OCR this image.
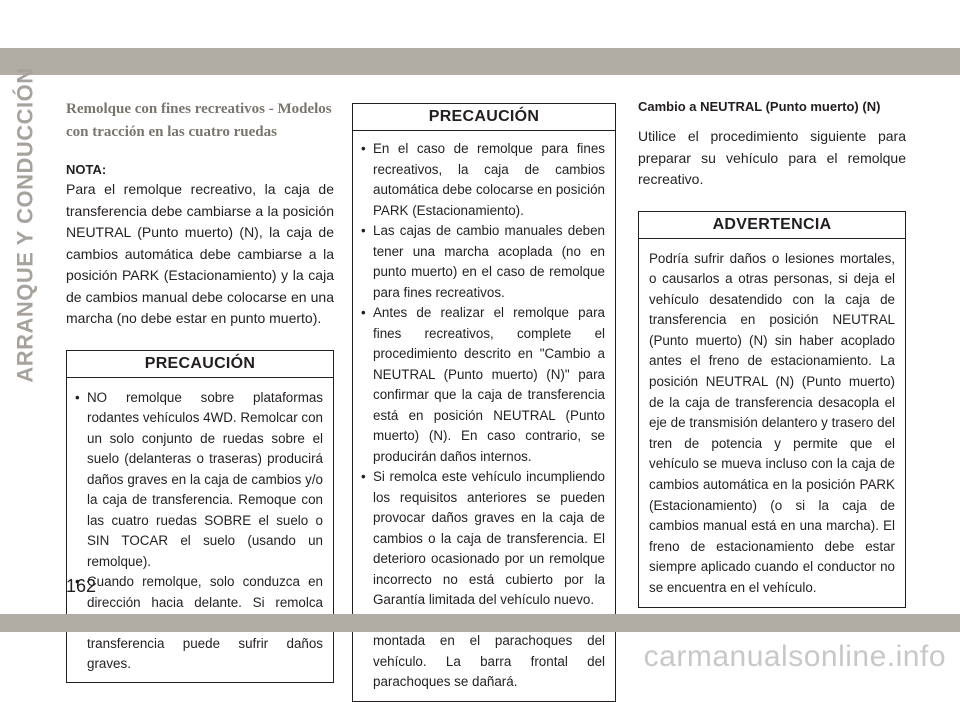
ARRANQUE Y CONDUCCIÓN Remolque con fines recreativos - Modelos con tracción en las cuatro ruedas

NOTA:

Para el remolque recreativo, la caja de transferencia debe cambiarse a la posición NEUTRAL (Punto muerto) (N), la caja de cambios automática debe cambiarse a la posición PARK (Estacionamiento) y la caja de cambios manual debe colocarse en una marcha (no debe estar en punto muerto).

PRECAUCIÓN
• NO remolque sobre plataformas rodantes vehículos 4WD. Remolcar con un solo conjunto de ruedas sobre el suelo (delanteras o traseras) producirá daños graves en la caja de cambios y/o la caja de transferencia. Remoque con las cuatro ruedas SOBRE el suelo o SIN TOCAR el suelo (usando un remolque).
• Cuando remolque, solo conduzca en dirección hacia delante. Si remolca transferencia puede sufrir daños graves.
PRECAUCIÓN
• En el caso de remolque para fines recreativos, la caja de cambios automática debe colocarse en posición PARK (Estacionamiento).
• Las cajas de cambio manuales deben tener una marcha acoplada (no en punto muerto) en el caso de remolque para fines recreativos.
• Antes de realizar el remolque para fines recreativos, complete el procedimiento descrito en "Cambio a NEUTRAL (Punto muerto) (N)" para confirmar que la caja de transferencia está en posición NEUTRAL (Punto muerto) (N). En caso contrario, se producirán daños internos.
• Si remolca este vehículo incumpliendo los requisitos anteriores se pueden provocar daños graves en la caja de cambios o la caja de transferencia. El deterioro ocasionado por un remolque incorrecto no está cubierto por la Garantía limitada del vehículo nuevo.
• montada en el parachoques del vehículo. La barra frontal del parachoques se dañará.
Cambio a NEUTRAL (Punto muerto) (N)

Utilice el procedimiento siguiente para preparar su vehículo para el remolque recreativo.

ADVERTENCIA

Podría sufrir daños o lesiones mortales, o causarlos a otras personas, si deja el vehículo desatendido con la caja de transferencia en posición NEUTRAL (Punto muerto) (N) sin haber acoplado antes el freno de estacionamiento. La posición NEUTRAL (N) (Punto muerto) de la caja de transferencia desacopla el eje de transmisión delantero y trasero del tren de potencia y permite que el vehículo se mueva incluso con la caja de cambios automática en la posición PARK (Estacionamiento) (o si la caja de cambios manual está en una marcha). El freno de estacionamiento debe estar siempre aplicado cuando el conductor no se encuentra en el vehículo.

162
carmanualsonline.info
